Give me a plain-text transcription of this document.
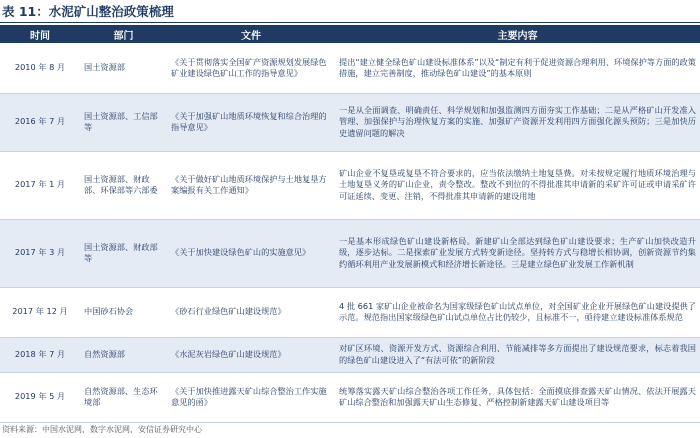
表 11：水泥矿山整治政策梳理
时间	部门	文件	主要内容
2010 年 8 月	国土资源部	《关于贯彻落实全国矿产资源规划发展绿色矿业建设绿色矿山工作的指导意见》	提出“建立健全绿色矿山建设标准体系”以及“制定有利于促进资源合理利用、环境保护等方面的政策措施，建立完善制度，推动绿色矿山建设”的基本原则
2016 年 7 月	国土资源部、工信部等	《关于加强矿山地质环境恢复和综合治理的指导意见》	一是从全面调查、明确责任、科学规划和加强监测四方面夯实工作基础；二是从严格矿山开发准入管理、加强保护与治理恢复方案的实施、加强矿产资源开发利用四方面强化源头预防；三是加快历史遗留问题的解决
2017 年 1 月	国土资源部、财政部、环保部等六部委	《关于做好矿山地质环境保护与土地复垦方案编报有关工作通知》	矿山企业不复垦或复垦不符合要求的，应当依法缴纳土地复垦费。对未按规定履行地质环境治理与土地复垦义务的矿山企业，责令整改。整改不到位的不得批准其申请新的采矿许可证或申请采矿许可证延续、变更、注销，不得批准其申请新的建设用地
2017 年 3 月	国土资源部、财政部等	《关于加快建设绿色矿山的实施意见》	一是基本形成绿色矿山建设新格局。新建矿山全部达到绿色矿山建设要求；生产矿山加快改造升级，逐步达标。二是探索矿业发展方式转变新途径。坚持转方式与稳增长相协调，创新资源节约集约循环利用产业发展新模式和经济增长新途径。三是建立绿色矿业发展工作新机制
2017 年 12 月	中国砂石协会	《砂石行业绿色矿山建设规范》	4 批 661 家矿山企业被命名为国家级绿色矿山试点单位，对全国矿业企业开展绿色矿山建设提供了示范。规范指出国家级绿色矿山试点单位占比仍较少，且标准不一，亟待建立建设标准体系规范
2018 年 7 月	自然资源部	《水泥灰岩绿色矿山建设规范》	对矿区环境、资源开发方式、资源综合利用、节能减排等多方面提出了建设规范要求，标志着我国的绿色矿山建设进入了“有法可依”的新阶段
2019 年 5 月	自然资源部、生态环境部	《关于加快推进露天矿山综合整治工作实施意见的函》	统筹落实露天矿山综合整治各项工作任务，具体包括：全面摸底排查露天矿山情况、依法开展露天矿山综合整治和加强露天矿山生态修复、严格控制新建露天矿山建设项目等
资料来源：中国水泥网，数字水泥网，安信证券研究中心
